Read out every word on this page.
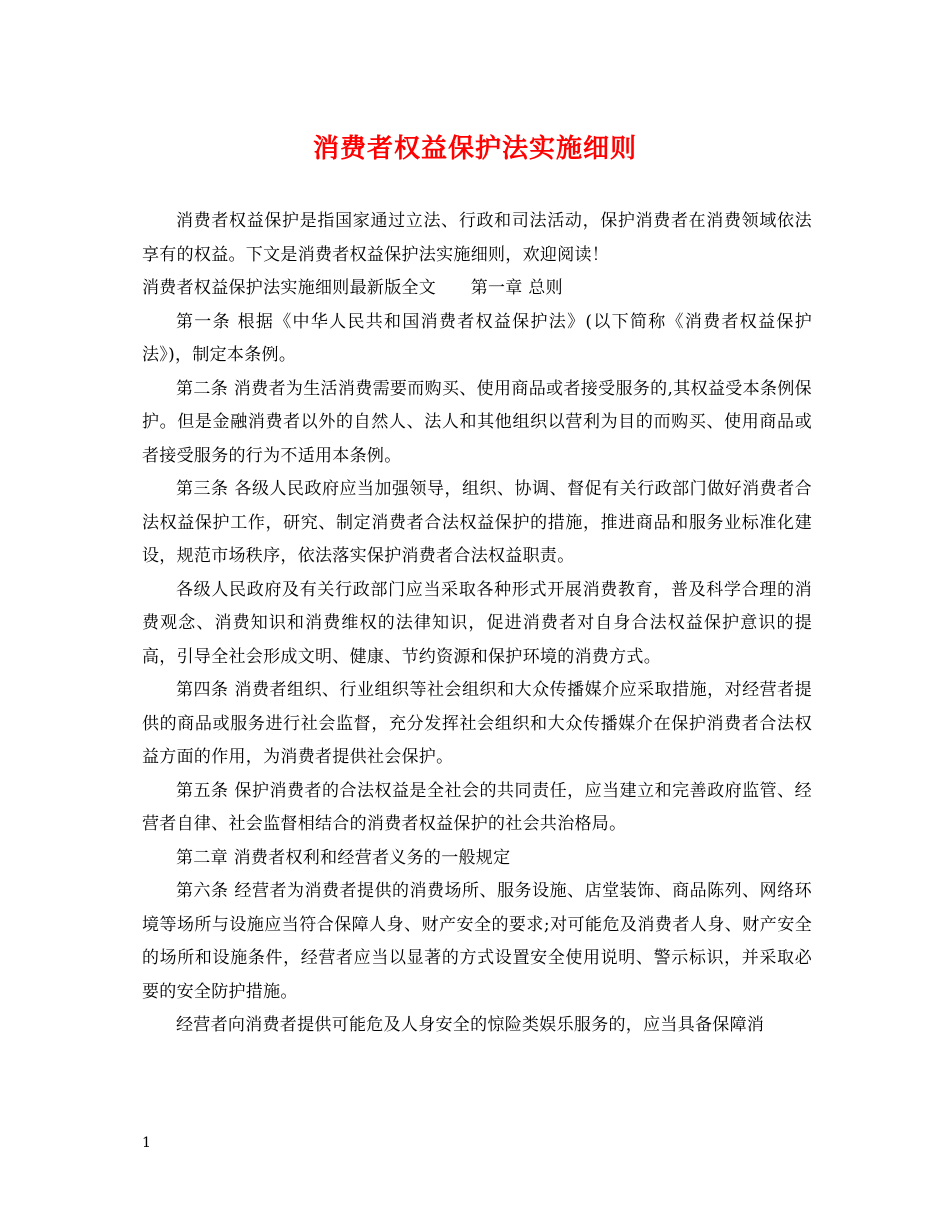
消费者权益保护法实施细则

消费者权益保护是指国家通过立法、行政和司法活动，保护消费者在消费领域依法享有的权益。下文是消费者权益保护法实施细则，欢迎阅读！

消费者权益保护法实施细则最新版全文　　第一章 总则

第一条 根据《中华人民共和国消费者权益保护法》(以下简称《消费者权益保护法》)，制定本条例。

第二条 消费者为生活消费需要而购买、使用商品或者接受服务的,其权益受本条例保护。但是金融消费者以外的自然人、法人和其他组织以营利为目的而购买、使用商品或者接受服务的行为不适用本条例。

第三条 各级人民政府应当加强领导，组织、协调、督促有关行政部门做好消费者合法权益保护工作，研究、制定消费者合法权益保护的措施，推进商品和服务业标准化建设，规范市场秩序，依法落实保护消费者合法权益职责。

各级人民政府及有关行政部门应当采取各种形式开展消费教育，普及科学合理的消费观念、消费知识和消费维权的法律知识，促进消费者对自身合法权益保护意识的提高，引导全社会形成文明、健康、节约资源和保护环境的消费方式。

第四条 消费者组织、行业组织等社会组织和大众传播媒介应采取措施，对经营者提供的商品或服务进行社会监督，充分发挥社会组织和大众传播媒介在保护消费者合法权益方面的作用，为消费者提供社会保护。

第五条 保护消费者的合法权益是全社会的共同责任，应当建立和完善政府监管、经营者自律、社会监督相结合的消费者权益保护的社会共治格局。

第二章 消费者权利和经营者义务的一般规定

第六条 经营者为消费者提供的消费场所、服务设施、店堂装饰、商品陈列、网络环境等场所与设施应当符合保障人身、财产安全的要求;对可能危及消费者人身、财产安全的场所和设施条件，经营者应当以显著的方式设置安全使用说明、警示标识，并采取必要的安全防护措施。

经营者向消费者提供可能危及人身安全的惊险类娱乐服务的，应当具备保障消

1
